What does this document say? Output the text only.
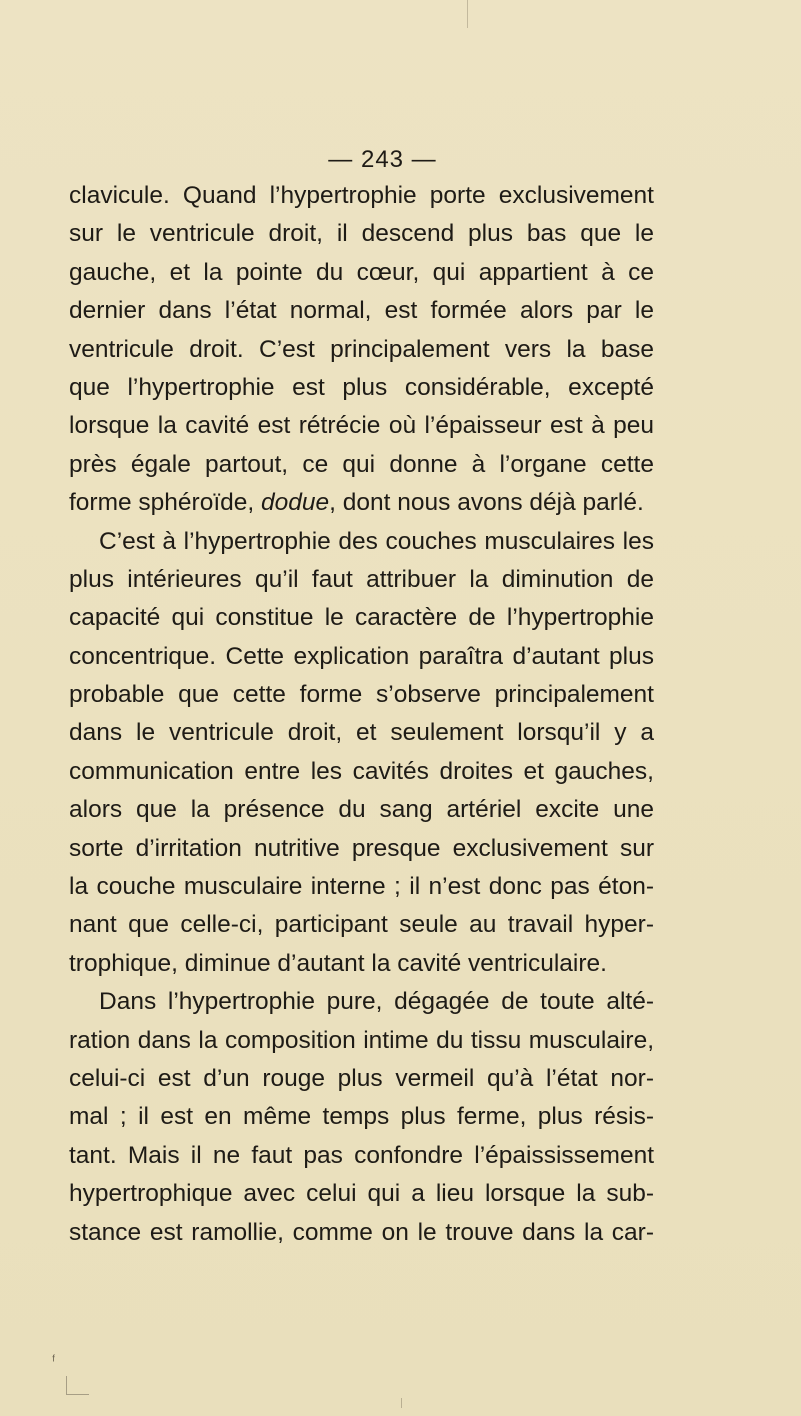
— 243 —
clavicule. Quand l’hypertrophie porte exclusivement
sur le ventricule droit, il descend plus bas que le
gauche, et la pointe du cœur, qui appartient à ce
dernier dans l’état normal, est formée alors par le
ventricule droit. C’est principalement vers la base
que l’hypertrophie est plus considérable, excepté
lorsque la cavité est rétrécie où l’épaisseur est à peu
près égale partout, ce qui donne à l’organe cette
forme sphéroïde, dodue, dont nous avons déjà parlé.
C’est à l’hypertrophie des couches musculaires les
plus intérieures qu’il faut attribuer la diminution de
capacité qui constitue le caractère de l’hypertrophie
concentrique. Cette explication paraîtra d’autant plus
probable que cette forme s’observe principalement
dans le ventricule droit, et seulement lorsqu’il y a
communication entre les cavités droites et gauches,
alors que la présence du sang artériel excite une
sorte d’irritation nutritive presque exclusivement sur
la couche musculaire interne ; il n’est donc pas éton-
nant que celle-ci, participant seule au travail hyper-
trophique, diminue d’autant la cavité ventriculaire.
Dans l’hypertrophie pure, dégagée de toute alté-
ration dans la composition intime du tissu musculaire,
celui-ci est d’un rouge plus vermeil qu’à l’état nor-
mal ; il est en même temps plus ferme, plus résis-
tant. Mais il ne faut pas confondre l’épaississement
hypertrophique avec celui qui a lieu lorsque la sub-
stance est ramollie, comme on le trouve dans la car-
ᶠ
